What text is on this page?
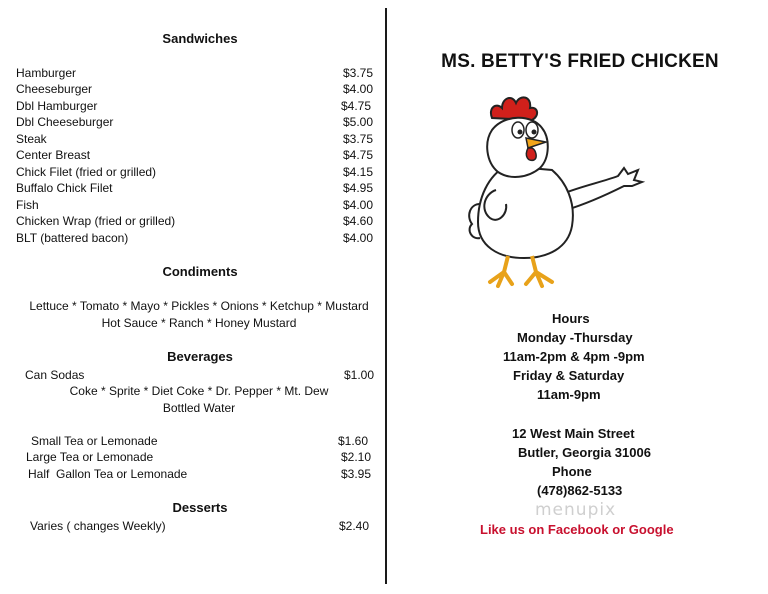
Sandwiches
Hamburger	$3.75
Cheeseburger	$4.00
Dbl Hamburger	$4.75
Dbl Cheeseburger	$5.00
Steak	$3.75
Center Breast	$4.75
Chick Filet (fried or grilled)	$4.15
Buffalo Chick Filet	$4.95
Fish	$4.00
Chicken Wrap (fried or grilled)	$4.60
BLT (battered bacon)	$4.00
Condiments
Lettuce * Tomato * Mayo * Pickles * Onions * Ketchup * Mustard
Hot Sauce * Ranch * Honey Mustard
Beverages
Can Sodas	$1.00
Coke * Sprite * Diet Coke * Dr. Pepper * Mt. Dew
Bottled Water
Small Tea or Lemonade	$1.60
Large Tea or Lemonade	$2.10
Half  Gallon Tea or Lemonade	$3.95
Desserts
Varies ( changes Weekly)	$2.40
MS. BETTY'S FRIED CHICKEN
Hours
Monday -Thursday
11am-2pm & 4pm -9pm
Friday & Saturday
11am-9pm
12 West Main Street
Butler, Georgia 31006
Phone
(478)862-5133
menupix
Like us on Facebook or Google
